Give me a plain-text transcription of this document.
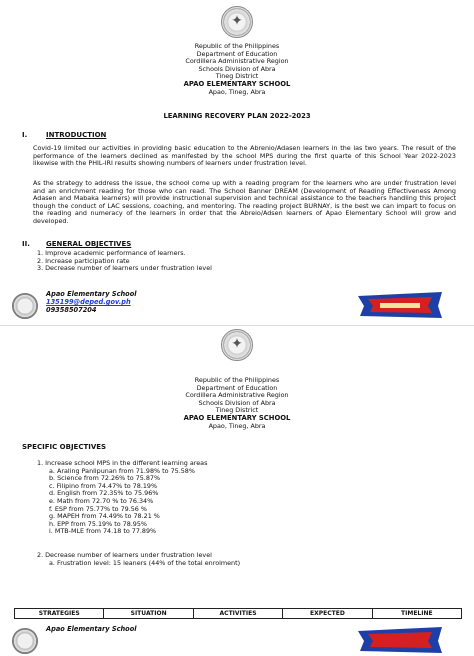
✦
Republic of the Philippines
Department of Education
Cordillera Administrative Region
Schools Division of Abra
Tineg District
APAO ELEMENTARY SCHOOL
Apao, Tineg, Abra
LEARNING RECOVERY PLAN 2022-2023
I.	INTRODUCTION
Covid-19 limited our activities in providing basic education to the Abrenio/Adasen learners in the las two years. The result of the performance of the learners declined as manifested by the school MPS during the first quarte of this School Year 2022-2023 likewise with the PHIL-IRI results showing numbers of learners under frustration level.
As the strategy to address the issue, the school come up with a reading program for the learners who are under frustration level and an enrichment reading for those who can read. The School Banner DREAM (Development of Reading Effectiveness Among Adasen and Mabaka learners) will provide instructional supervision and technical assistance to the teachers handling this project though the conduct of LAC sessions, coaching, and mentoring. The reading project BURNAY, is the best we can impart to focus on the reading and numeracy of the learners in order that the Abreio/Adsen learners of Apao Elementary School will grow and developed.
II. GENERAL OBJECTIVES
1. Improve academic performance of learners.
2. Increase participation rate
3. Decrease number of learners under frustration level
Apao Elementary School
135199@deped.gov.ph
09358507204
✦
Republic of the Philippines
Department of Education
Cordillera Administrative Region
Schools Division of Abra
Tineg District
APAO ELEMENTARY SCHOOL
Apao, Tineg, Abra
SPECIFIC OBJECTIVES
1. Increase school MPS in the different learning areas
a. Araling Panlipunan from 71.98% to 75.58%
b. Science from 72.26% to 75.87%
c. Filipino from 74.47% to 78.19%
d. English from 72.35% to 75.96%
e. Math from 72.70 % to 76.34%
f. ESP from 75.77% to 79.56 %
g. MAPEH from 74.49% to 78.21 %
h. EPP from 75.19% to 78.95%
i. MTB-MLE from 74.18 to 77.89%
2. Decrease number of learners under frustration level
a. Frustration level: 15 leaners (44% of the total enrolment)
STRATEGIES	SITUATION	ACTIVITIES	EXPECTED	TIMELINE
Apao Elementary School
